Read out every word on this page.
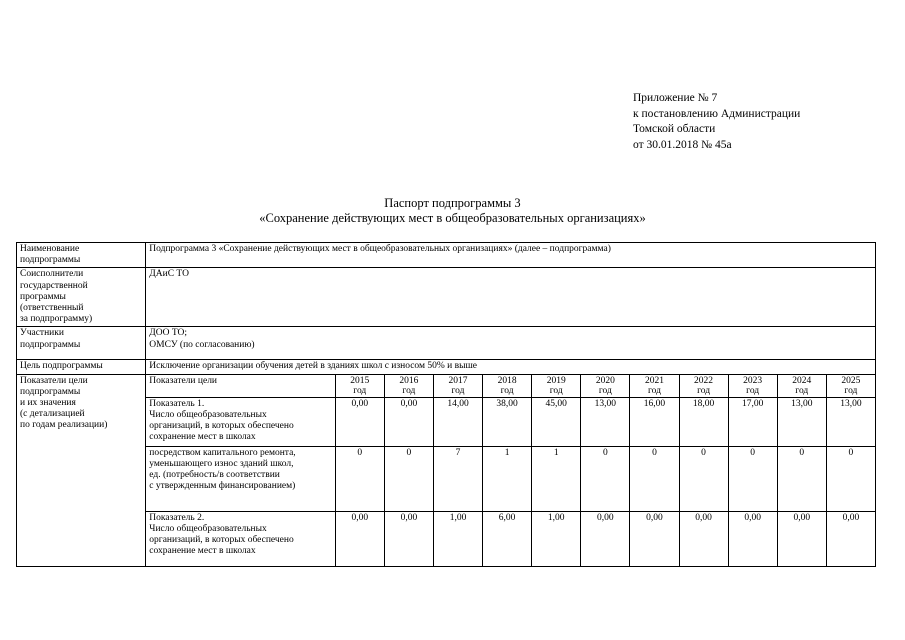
Приложение № 7
к постановлению Администрации
Томской области
от 30.01.2018 № 45а
Паспорт подпрограммы 3
«Сохранение действующих мест в общеобразовательных организациях»
Наименование
подпрограммы	Подпрограмма 3 «Сохранение действующих мест в общеобразовательных организациях» (далее – подпрограмма)											

Соисполнители
государственной
программы
(ответственный
за подпрограмму)	ДАиС ТО											

Участники
подпрограммы	ДОО ТО;
ОМСУ (по согласованию)											

Цель подпрограммы	Исключение организации обучения детей в зданиях школ с износом 50% и выше											

Показатели цели
подпрограммы
и их значения
(с детализацией
по годам реализации)	Показатели цели	2015
год	2016
год	2017
год	2018
год	2019
год	2020
год	2021
год	2022
год	2023
год	2024
год	2025
год

	Показатель 1.
Число общеобразовательных
организаций, в которых обеспечено
сохранение мест в школах	0,00	0,00	14,00	38,00	45,00	13,00	16,00	18,00	17,00	13,00	13,00

	посредством капитального ремонта,
уменьшающего износ зданий школ,
ед. (потребность/в соответствии
с утвержденным финансированием)	0	0	7	1	1	0	0	0	0	0	0

	Показатель 2.
Число общеобразовательных
организаций, в которых обеспечено
сохранение мест в школах	0,00	0,00	1,00	6,00	1,00	0,00	0,00	0,00	0,00	0,00	0,00
